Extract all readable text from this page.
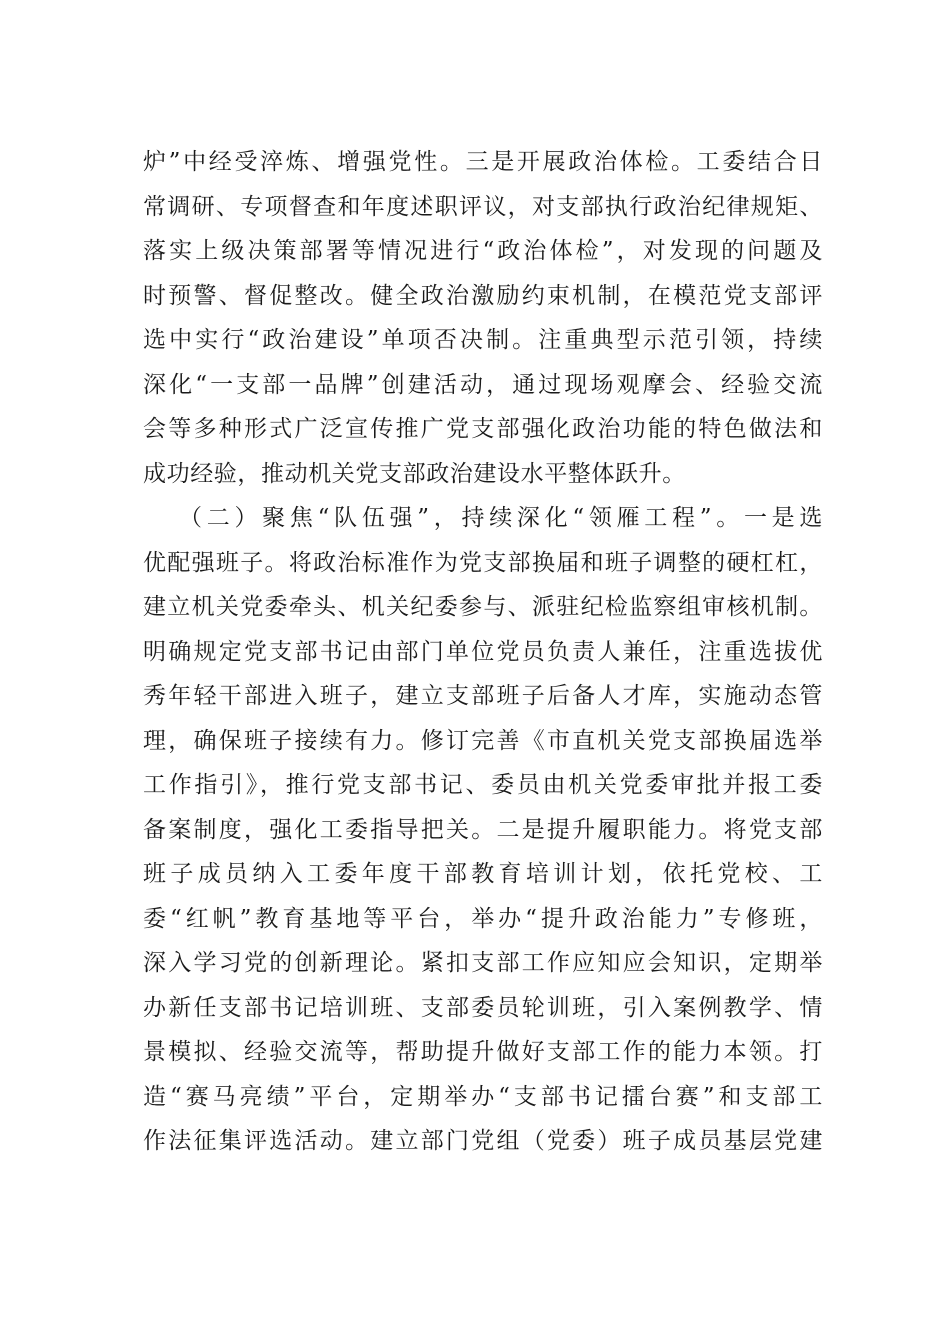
炉”中经受淬炼、增强党性。三是开展政治体检。工委结合日
常调研、专项督查和年度述职评议，对支部执行政治纪律规矩、
落实上级决策部署等情况进行“政治体检”，对发现的问题及
时预警、督促整改。健全政治激励约束机制，在模范党支部评
选中实行“政治建设”单项否决制。注重典型示范引领，持续
深化“一支部一品牌”创建活动，通过现场观摩会、经验交流
会等多种形式广泛宣传推广党支部强化政治功能的特色做法和
成功经验，推动机关党支部政治建设水平整体跃升。
（二）聚焦“队伍强”，持续深化“领雁工程”。一是选
优配强班子。将政治标准作为党支部换届和班子调整的硬杠杠，
建立机关党委牵头、机关纪委参与、派驻纪检监察组审核机制。
明确规定党支部书记由部门单位党员负责人兼任，注重选拔优
秀年轻干部进入班子，建立支部班子后备人才库，实施动态管
理，确保班子接续有力。修订完善《市直机关党支部换届选举
工作指引》，推行党支部书记、委员由机关党委审批并报工委
备案制度，强化工委指导把关。二是提升履职能力。将党支部
班子成员纳入工委年度干部教育培训计划，依托党校、工
委“红帆”教育基地等平台，举办“提升政治能力”专修班，
深入学习党的创新理论。紧扣支部工作应知应会知识，定期举
办新任支部书记培训班、支部委员轮训班，引入案例教学、情
景模拟、经验交流等，帮助提升做好支部工作的能力本领。打
造“赛马亮绩”平台，定期举办“支部书记擂台赛”和支部工
作法征集评选活动。建立部门党组（党委）班子成员基层党建
